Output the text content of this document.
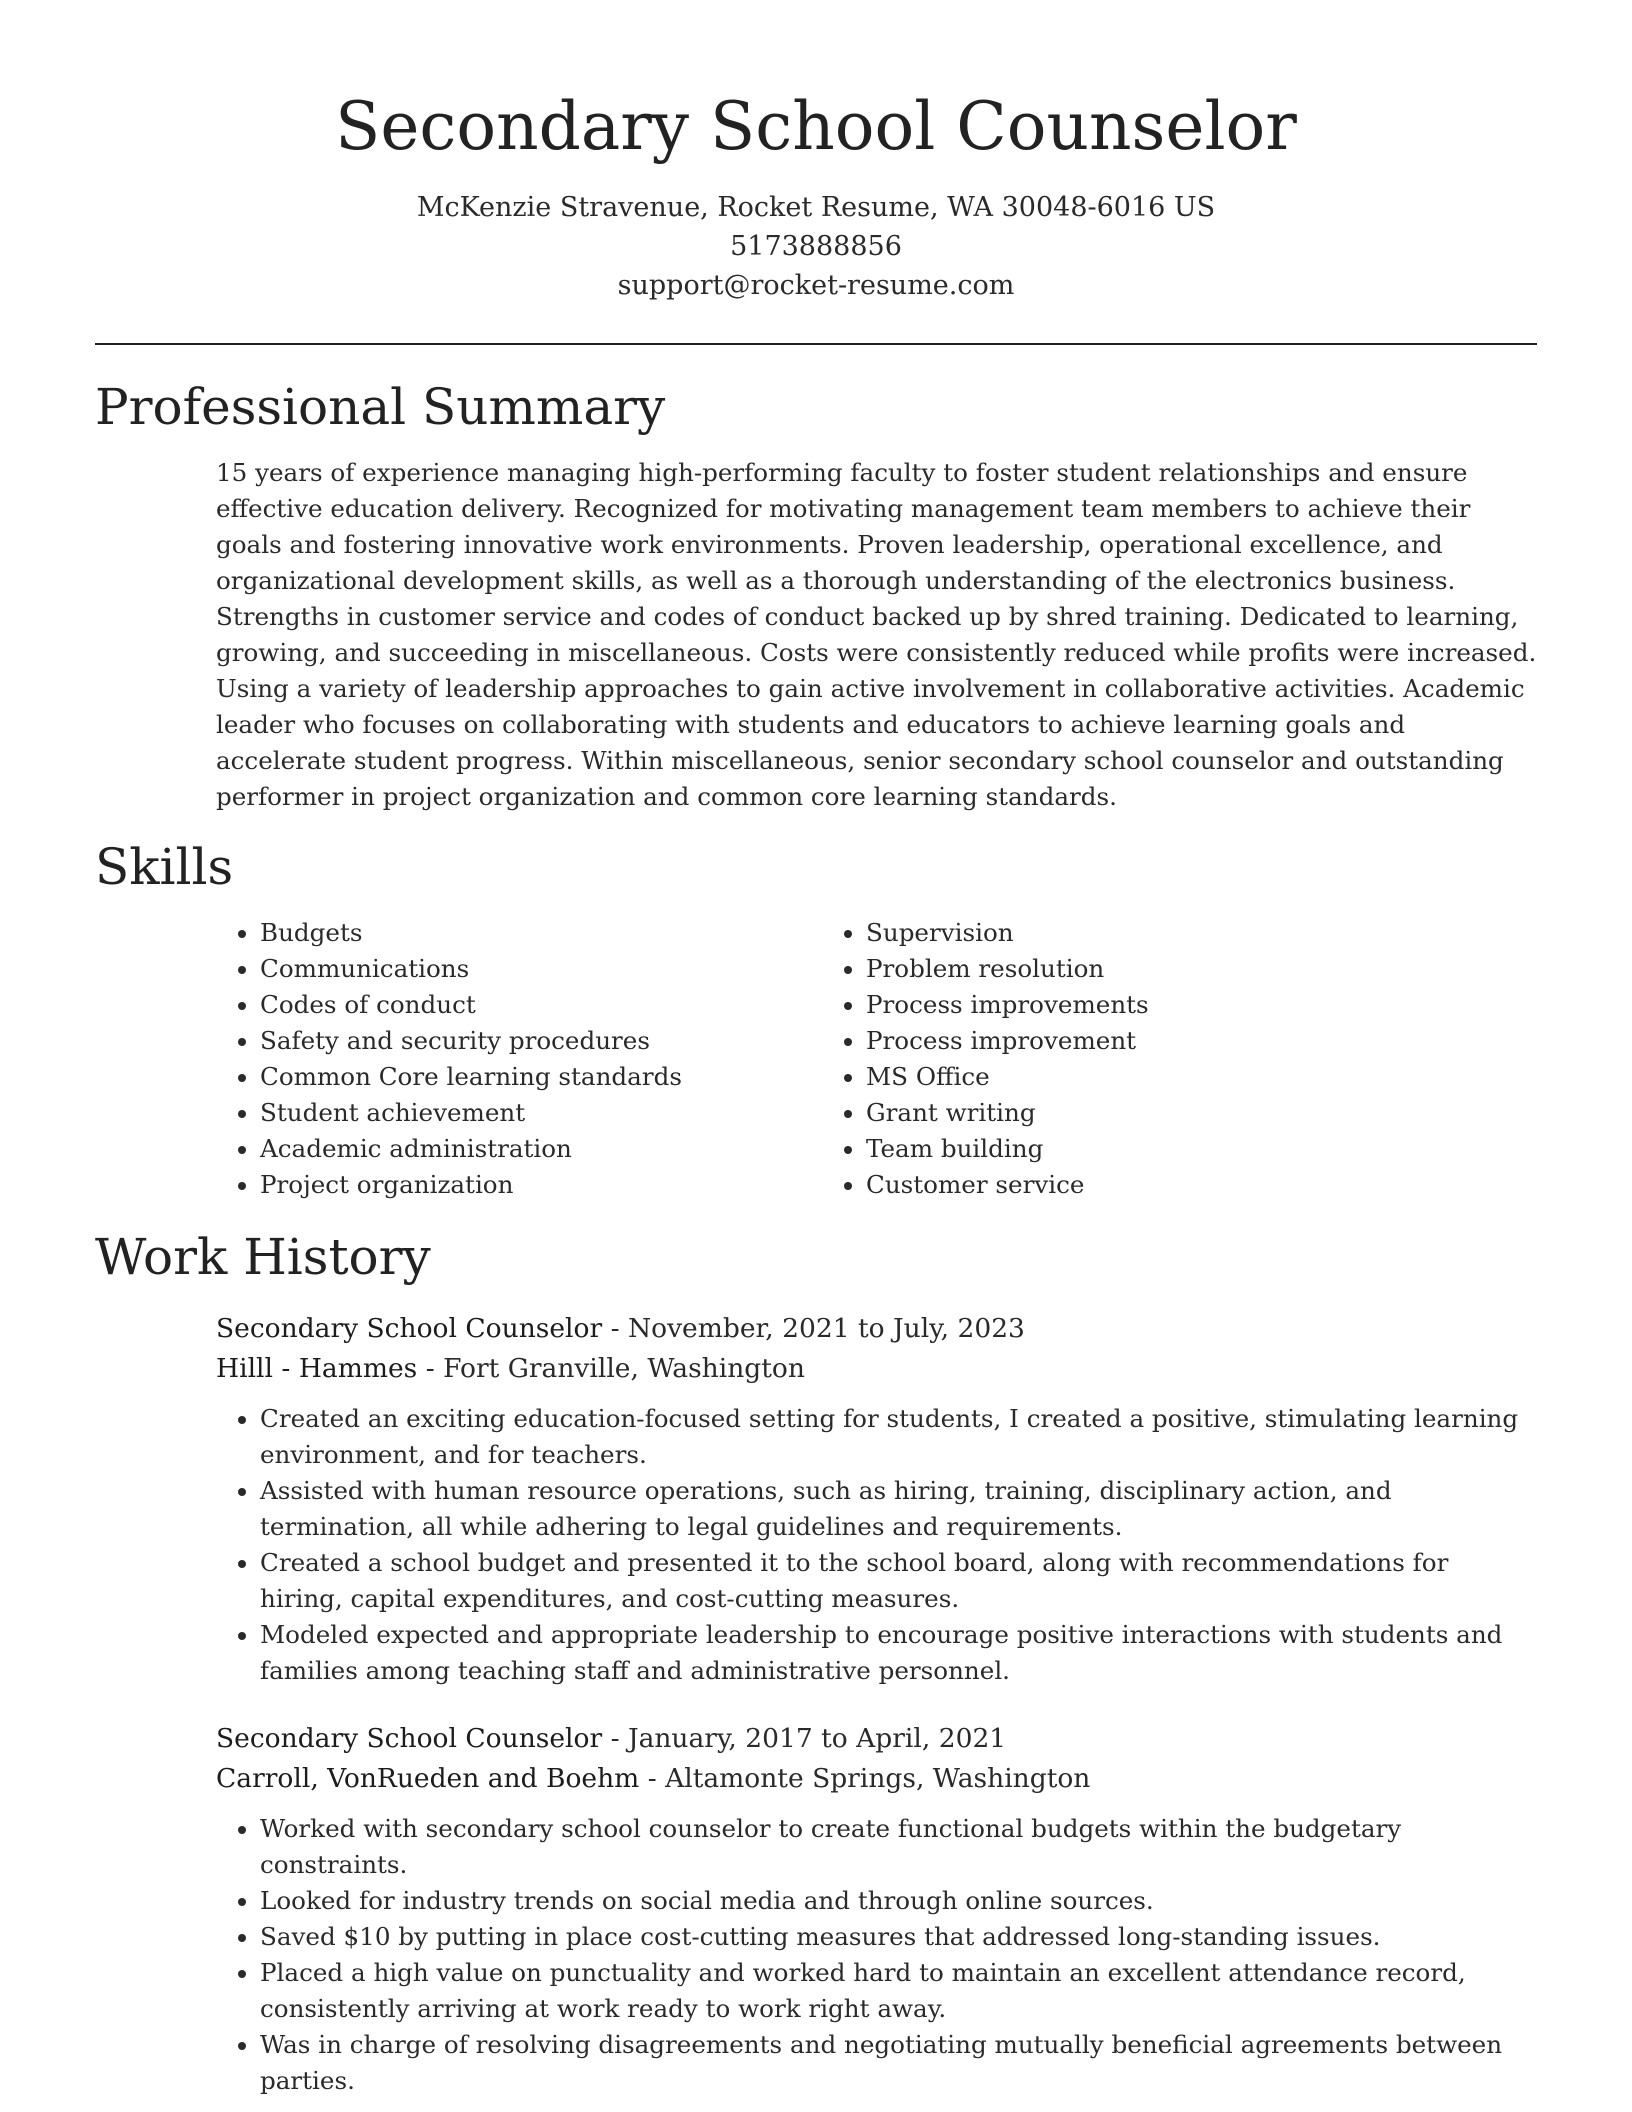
Secondary School Counselor
McKenzie Stravenue, Rocket Resume, WA 30048-6016 US
5173888856
support@rocket-resume.com
Professional Summary

15 years of experience managing high-performing faculty to foster student relationships and ensure effective education delivery. Recognized for motivating management team members to achieve their goals and fostering innovative work environments. Proven leadership, operational excellence, and organizational development skills, as well as a thorough understanding of the electronics business. Strengths in customer service and codes of conduct backed up by shred training. Dedicated to learning, growing, and succeeding in miscellaneous. Costs were consistently reduced while profits were increased. Using a variety of leadership approaches to gain active involvement in collaborative activities. Academic leader who focuses on collaborating with students and educators to achieve learning goals and accelerate student progress. Within miscellaneous, senior secondary school counselor and outstanding performer in project organization and common core learning standards.

Skills
• Budgets
• Communications
• Codes of conduct
• Safety and security procedures
• Common Core learning standards
• Student achievement
• Academic administration
• Project organization
• Supervision
• Problem resolution
• Process improvements
• Process improvement
• MS Office
• Grant writing
• Team building
• Customer service
Work History
Secondary School Counselor - November, 2021 to July, 2023
Hilll - Hammes - Fort Granville, Washington
• Created an exciting education-focused setting for students, I created a positive, stimulating learning environment, and for teachers.
• Assisted with human resource operations, such as hiring, training, disciplinary action, and termination, all while adhering to legal guidelines and requirements.
• Created a school budget and presented it to the school board, along with recommendations for hiring, capital expenditures, and cost-cutting measures.
• Modeled expected and appropriate leadership to encourage positive interactions with students and families among teaching staff and administrative personnel.
Secondary School Counselor - January, 2017 to April, 2021
Carroll, VonRueden and Boehm - Altamonte Springs, Washington
• Worked with secondary school counselor to create functional budgets within the budgetary constraints.
• Looked for industry trends on social media and through online sources.
• Saved $10 by putting in place cost-cutting measures that addressed long-standing issues.
• Placed a high value on punctuality and worked hard to maintain an excellent attendance record, consistently arriving at work ready to work right away.
• Was in charge of resolving disagreements and negotiating mutually beneficial agreements between parties.
